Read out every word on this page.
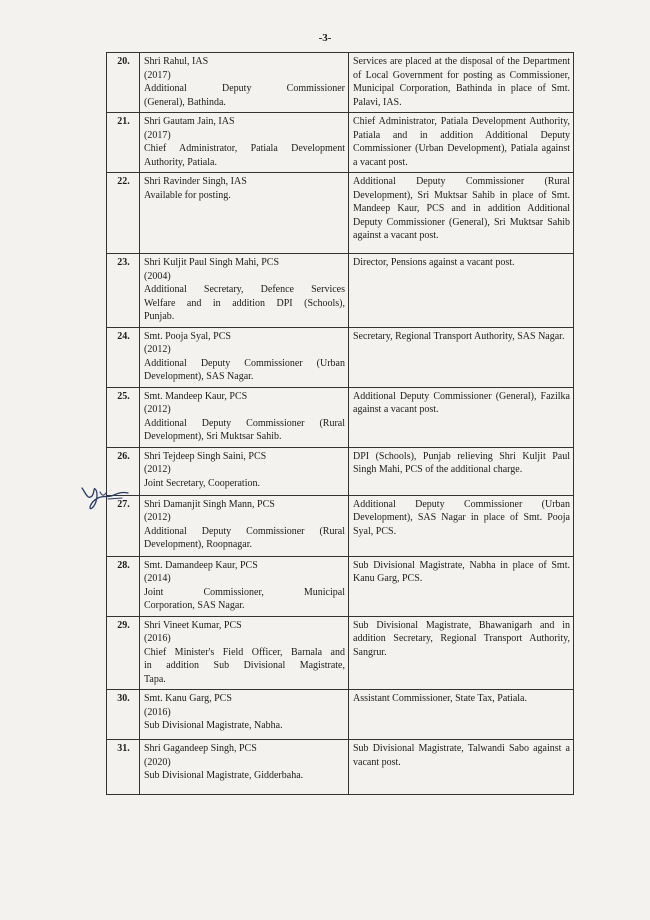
-3-
20.	Shri Rahul, IAS
(2017)
Additional Deputy Commissioner
(General), Bathinda.	Services are placed at the disposal of the Department of Local Government for posting as Commissioner, Municipal Corporation, Bathinda in place of Smt. Palavi, IAS.
21.	Shri Gautam Jain, IAS
(2017)
Chief Administrator, Patiala Development
Authority, Patiala.	Chief Administrator, Patiala Development Authority, Patiala and in addition Additional Deputy Commissioner (Urban Development), Patiala against a vacant post.
22.	Shri Ravinder Singh, IAS
Available for posting.	Additional Deputy Commissioner (Rural Development), Sri Muktsar Sahib in place of Smt. Mandeep Kaur, PCS and in addition Additional Deputy Commissioner (General), Sri Muktsar Sahib against a vacant post.
23.	Shri Kuljit Paul Singh Mahi, PCS
(2004)
Additional Secretary, Defence Services
Welfare and in addition DPI (Schools),
Punjab.	Director, Pensions against a vacant post.
24.	Smt. Pooja Syal, PCS
(2012)
Additional Deputy Commissioner (Urban
Development), SAS Nagar.	Secretary, Regional Transport Authority, SAS Nagar.
25.	Smt. Mandeep Kaur, PCS
(2012)
Additional Deputy Commissioner (Rural
Development), Sri Muktsar Sahib.	Additional Deputy Commissioner (General), Fazilka against a vacant post.
26.	Shri Tejdeep Singh Saini, PCS
(2012)
Joint Secretary, Cooperation.	DPI (Schools), Punjab relieving Shri Kuljit Paul Singh Mahi, PCS of the additional charge.
27.	Shri Damanjit Singh Mann, PCS
(2012)
Additional Deputy Commissioner (Rural
Development), Roopnagar.	Additional Deputy Commissioner (Urban Development), SAS Nagar in place of Smt. Pooja Syal, PCS.
28.	Smt. Damandeep Kaur, PCS
(2014)
Joint Commissioner, Municipal
Corporation, SAS Nagar.	Sub Divisional Magistrate, Nabha in place of Smt. Kanu Garg, PCS.
29.	Shri Vineet Kumar, PCS
(2016)
Chief Minister's Field Officer, Barnala and
in addition Sub Divisional Magistrate,
Tapa.	Sub Divisional Magistrate, Bhawanigarh and in addition Secretary, Regional Transport Authority, Sangrur.
30.	Smt. Kanu Garg, PCS
(2016)
Sub Divisional Magistrate, Nabha.	Assistant Commissioner, State Tax, Patiala.
31.	Shri Gagandeep Singh, PCS
(2020)
Sub Divisional Magistrate, Gidderbaha.	Sub Divisional Magistrate, Talwandi Sabo against a vacant post.
